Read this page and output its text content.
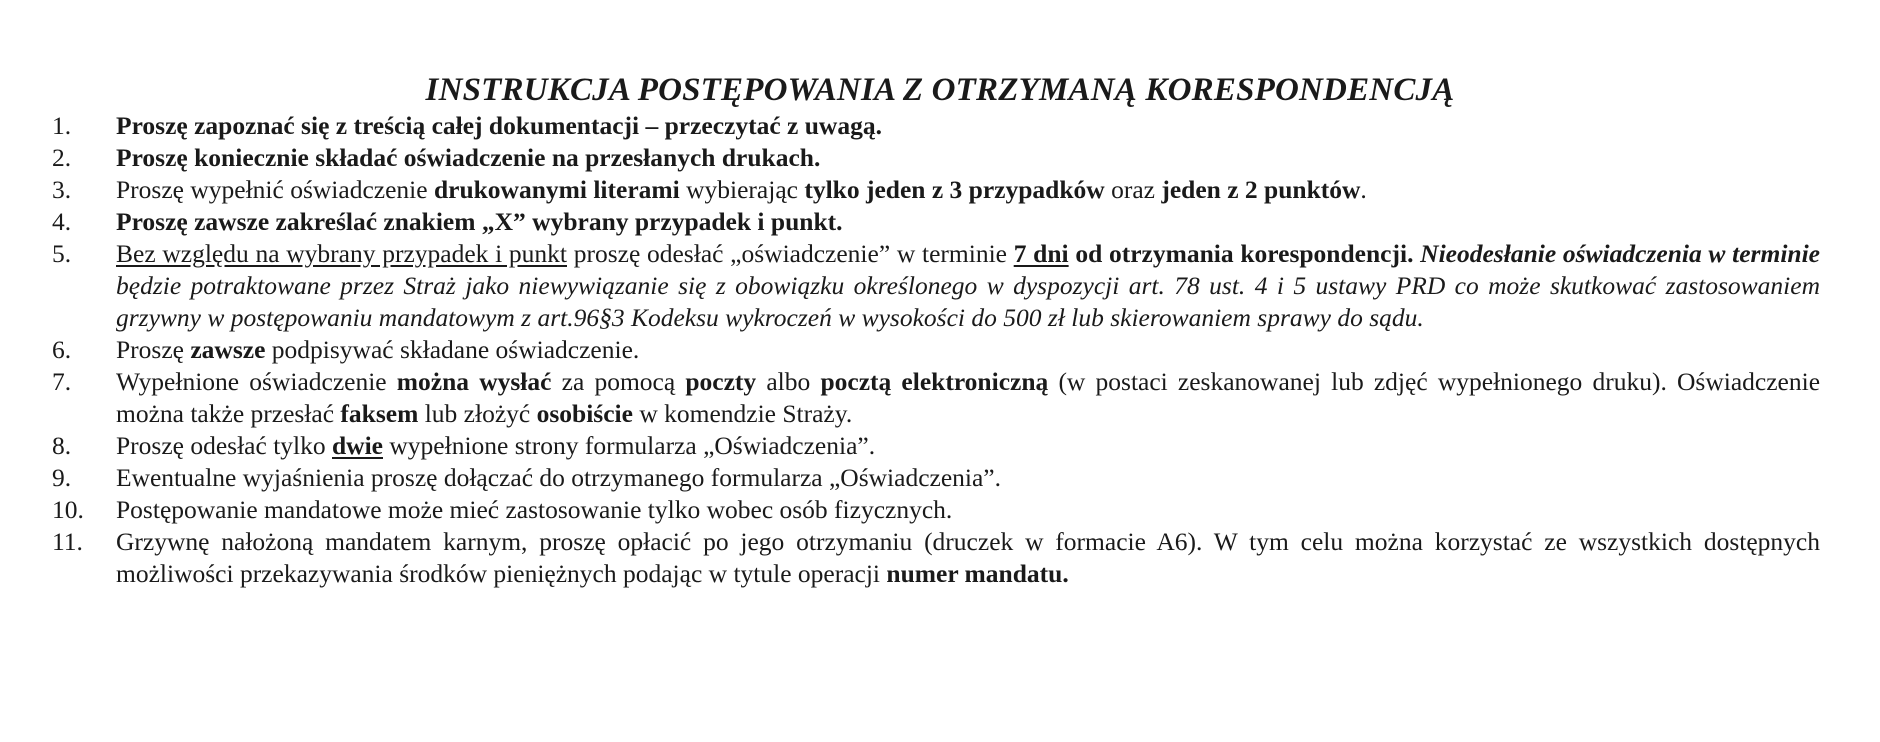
INSTRUKCJA POSTĘPOWANIA Z OTRZYMANĄ KORESPONDENCJĄ
1.	Proszę zapoznać się z treścią całej dokumentacji – przeczytać z uwagą.
2.	Proszę koniecznie składać oświadczenie na przesłanych drukach.
3.	Proszę wypełnić oświadczenie drukowanymi literami wybierając tylko jeden z 3 przypadków oraz jeden z 2 punktów.
4.	Proszę zawsze zakreślać znakiem „X” wybrany przypadek i punkt.
5.	Bez względu na wybrany przypadek i punkt proszę odesłać „oświadczenie” w terminie 7 dni od otrzymania korespondencji. Nieodesłanie oświadczenia w terminie będzie potraktowane przez Straż jako niewywiązanie się z obowiązku określonego w dyspozycji art. 78 ust. 4 i 5 ustawy PRD co może skutkować zastosowaniem grzywny w postępowaniu mandatowym z art.96§3 Kodeksu wykroczeń w wysokości do 500 zł lub skierowaniem sprawy do sądu.
6.	Proszę zawsze podpisywać składane oświadczenie.
7.	Wypełnione oświadczenie można wysłać za pomocą poczty albo pocztą elektroniczną (w postaci zeskanowanej lub zdjęć wypełnionego druku). Oświadczenie można także przesłać faksem lub złożyć osobiście w komendzie Straży.
8.	Proszę odesłać tylko dwie wypełnione strony formularza „Oświadczenia”.
9.	Ewentualne wyjaśnienia proszę dołączać do otrzymanego formularza „Oświadczenia”.
10.	Postępowanie mandatowe może mieć zastosowanie tylko wobec osób fizycznych.
11.	Grzywnę nałożoną mandatem karnym, proszę opłacić po jego otrzymaniu (druczek w formacie A6). W tym celu można korzystać ze wszystkich dostępnych możliwości przekazywania środków pieniężnych podając w tytule operacji numer mandatu.
